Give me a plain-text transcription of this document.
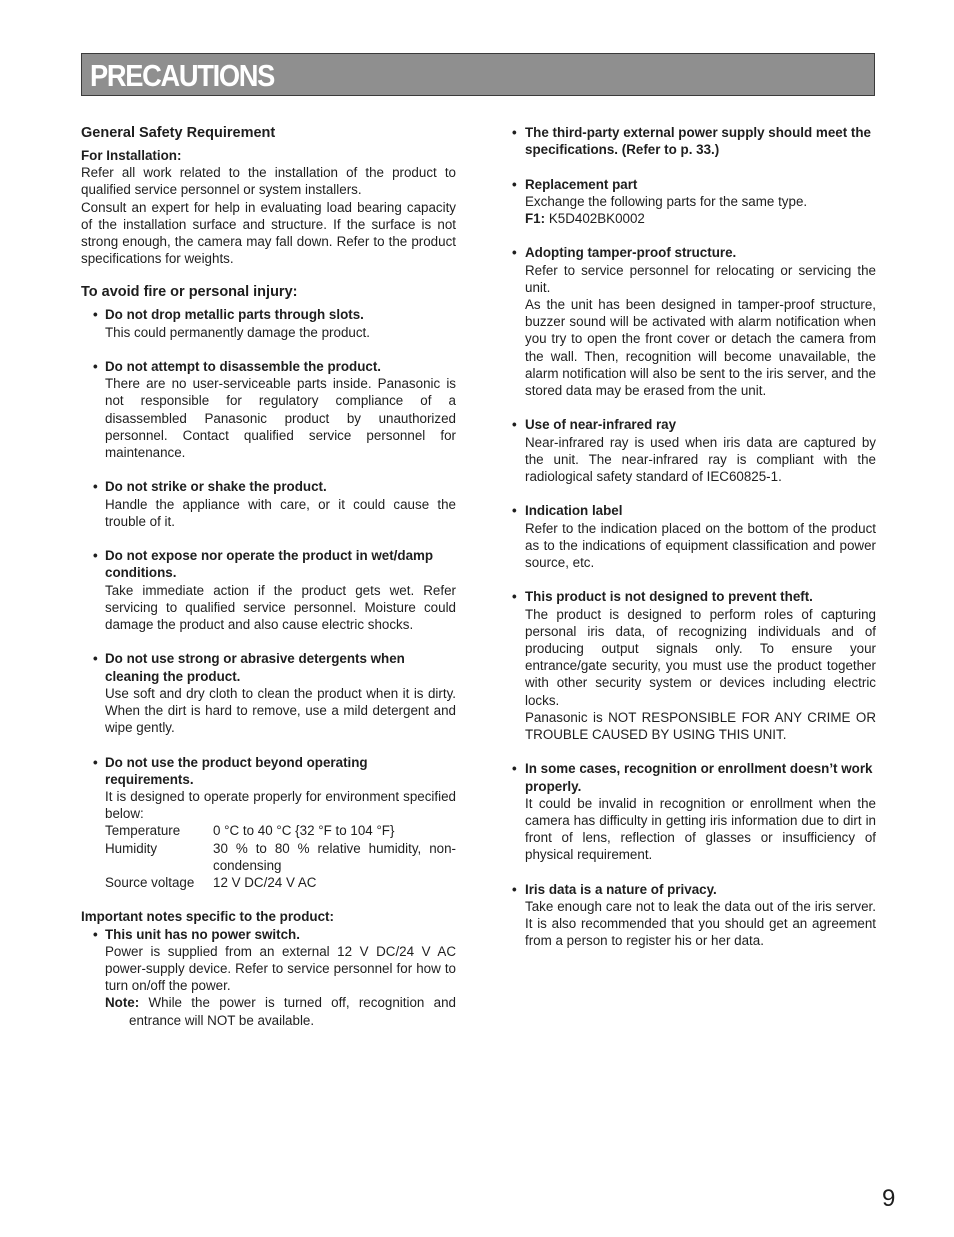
PRECAUTIONS

General Safety Requirement

For Installation:

Refer all work related to the installation of the product to qualified service personnel or system installers.

Consult an expert for help in evaluating load bearing capacity of the installation surface and structure. If the surface is not strong enough, the camera may fall down. Refer to the product specifications for weights.

To avoid fire or personal injury:

• Do not drop metallic parts through slots.

This could permanently damage the product.

• Do not attempt to disassemble the product.

There are no user-serviceable parts inside. Panasonic is not responsible for regulatory compliance of a disassembled Panasonic product by unauthorized personnel. Contact qualified service personnel for maintenance.

• Do not strike or shake the product.

Handle the appliance with care, or it could cause the trouble of it.

• Do not expose nor operate the product in wet/damp conditions.

Take immediate action if the product gets wet. Refer servicing to qualified service personnel. Moisture could damage the product and also cause electric shocks.

• Do not use strong or abrasive detergents when cleaning the product.

Use soft and dry cloth to clean the product when it is dirty. When the dirt is hard to remove, use a mild detergent and wipe gently.

• Do not use the product beyond operating requirements.

It is designed to operate properly for environment specified below:

Temperature	0 °C to 40 °C {32 °F to 104 °F}

Humidity	30 % to 80 % relative humidity, non-condensing

Source voltage	12 V DC/24 V AC

Important notes specific to the product:

• This unit has no power switch.

Power is supplied from an external 12 V DC/24 V AC power-supply device. Refer to service personnel for how to turn on/off the power.

Note: While the power is turned off, recognition and entrance will NOT be available.

• The third-party external power supply should meet the specifications. (Refer to p. 33.)

• Replacement part

Exchange the following parts for the same type.

F1: K5D402BK0002

• Adopting tamper-proof structure.

Refer to service personnel for relocating or servicing the unit.

As the unit has been designed in tamper-proof structure, buzzer sound will be activated with alarm notification when you try to open the front cover or detach the camera from the wall. Then, recognition will become unavailable, the alarm notification will also be sent to the iris server, and the stored data may be erased from the unit.

• Use of near-infrared ray

Near-infrared ray is used when iris data are captured by the unit. The near-infrared ray is compliant with the radiological safety standard of IEC60825-1.

• Indication label

Refer to the indication placed on the bottom of the product as to the indications of equipment classification and power source, etc.

• This product is not designed to prevent theft.

The product is designed to perform roles of capturing personal iris data, of recognizing individuals and of producing output signals only. To ensure your entrance/gate security, you must use the product together with other security system or devices including electric locks.

Panasonic is NOT RESPONSIBLE FOR ANY CRIME OR TROUBLE CAUSED BY USING THIS UNIT.

• In some cases, recognition or enrollment doesn’t work properly.

It could be invalid in recognition or enrollment when the camera has difficulty in getting iris information due to dirt in front of lens, reflection of glasses or insufficiency of physical requirement.

• Iris data is a nature of privacy.

Take enough care not to leak the data out of the iris server. It is also recommended that you should get an agreement from a person to register his or her data.

9
